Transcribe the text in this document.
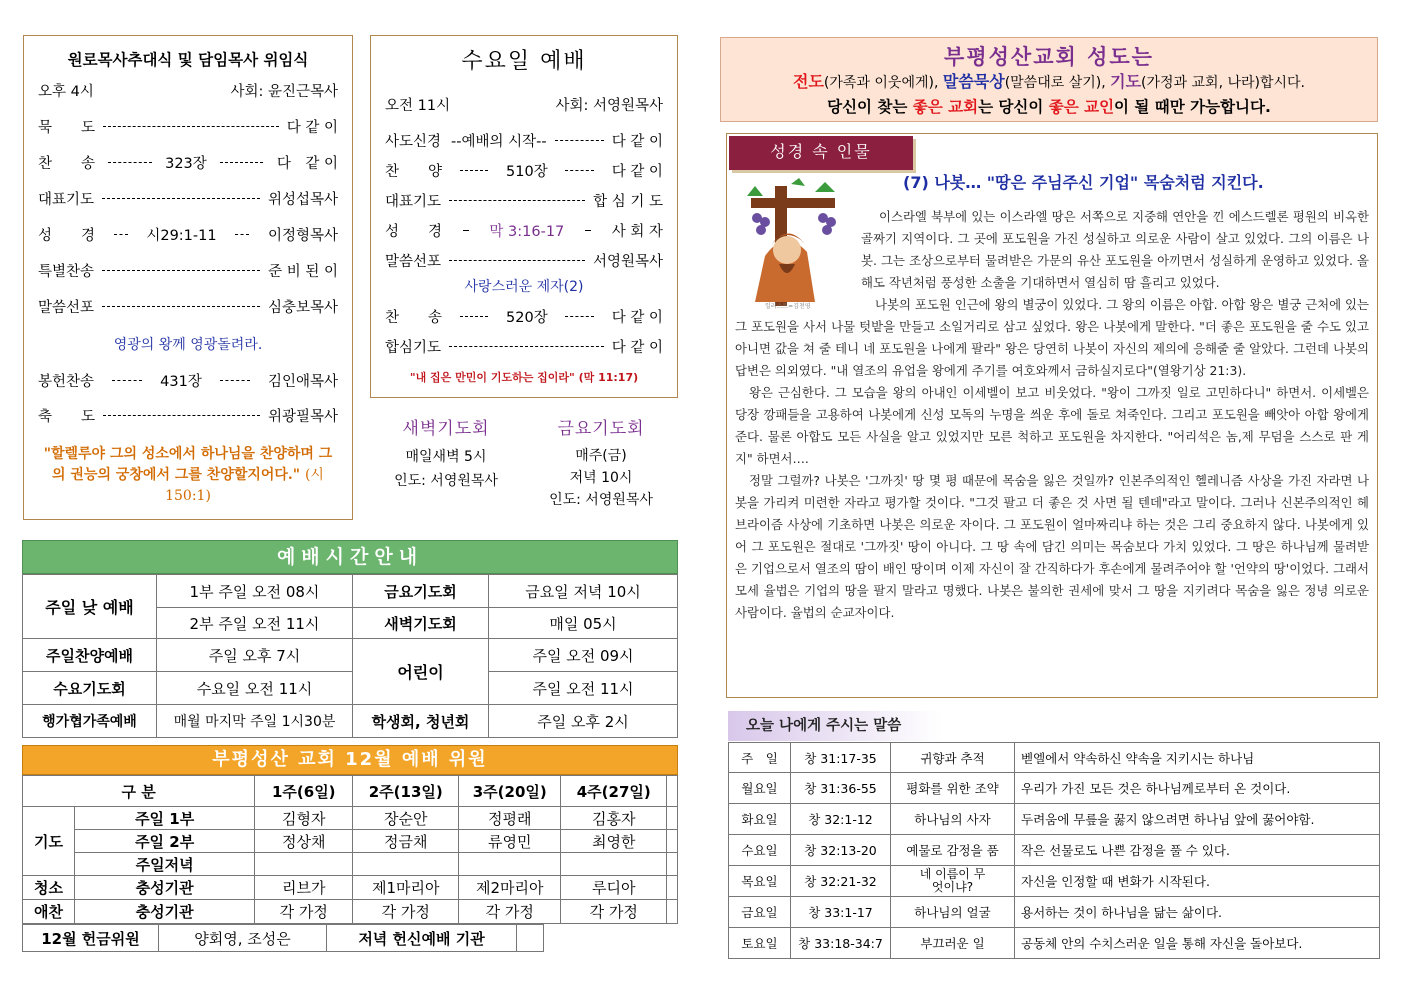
원로목사추대식 및 담임목사 위임식
오후 4시	사회: 윤진근목사
묵　　도	다 같 이
찬　　송	323장	다　같 이
대표기도	위성섭목사
성　　경	시29:1-11	이정형목사
특별찬송	준 비 된 이
말씀선포	심충보목사
영광의 왕께 영광돌려라.
봉헌찬송	431장	김인애목사
축　　도	위광필목사
"할렐루야 그의 성소에서 하나님을 찬양하며 그의 권능의 궁창에서 그를 찬양할지어다." (시 150:1)
수요일 예배
오전 11시	사회: 서영원목사
사도신경 --예배의 시작--	다 같 이
찬　　양	510장	다 같 이
대표기도	합 심 기 도
성　　경	막 3:16-17	사 회 자
말씀선포	서영원목사
사랑스러운 제자(2)
찬　　송	520장	다 같 이
합심기도	다 같 이
"내 집은 만민이 기도하는 집이라" (막 11:17)
새벽기도회
매일새벽 5시
인도: 서영원목사
금요기도회
매주(금)
저녁 10시
인도: 서영원목사
예배시간안내
주일 낮 예배	1부 주일 오전 08시	금요기도회	금요일 저녁 10시
	2부 주일 오전 11시	새벽기도회	매일 05시
주일찬양예배	주일 오후 7시	어린이	주일 오전 09시
수요기도회	수요일 오전 11시		주일 오전 11시
행가협가족예배	매월 마지막 주일 1시30분	학생회, 청년회	주일 오후 2시
부평성산 교회 12월 예배 위원
구 분		1주(6일)	2주(13일)	3주(20일)	4주(27일)	
기도	주일 1부	김형자	장순안	정평래	김홍자	
	주일 2부	정상채	정금채	류영민	최영한	
	주일저녁					
청소	충성기관	리브가	제1마리아	제2마리아	루디아	
애찬	충성기관	각 가정	각 가정	각 가정	각 가정	
12월 헌금위원	양회영, 조성은	저녁 헌신예배 기관	
부평성산교회 성도는
전도(가족과 이웃에게), 말씀묵상(말씀대로 살기), 기도(가정과 교회, 나라)합시다.
당신이 찾는 좋은 교회는 당신이 좋은 교인이 될 때만 가능합니다.
성경 속 인물
(7) 나봇… "땅은 주님주신 기업" 목숨처럼 지킨다.
일러스트=김천영

이스라엘 북부에 있는 이스라엘 땅은 서쪽으로 지중해 연안을 낀 에스드렐론 평원의 비옥한 골짜기 지역이다. 그 곳에 포도원을 가진 성실하고 의로운 사람이 살고 있었다. 그의 이름은 나봇. 그는 조상으로부터 물려받은 가문의 유산 포도원을 아끼면서 성실하게 운영하고 있었다. 올해도 작년처럼 풍성한 소출을 기대하면서 열심히 땀 흘리고 있었다.

나봇의 포도원 인근에 왕의 별궁이 있었다. 그 왕의 이름은 아합. 아합 왕은 별궁 근처에 있는 그 포도원을 사서 나물 텃밭을 만들고 소일거리로 삼고 싶었다. 왕은 나봇에게 말한다. "더 좋은 포도원을 줄 수도 있고 아니면 값을 쳐 줄 테니 네 포도원을 나에게 팔라" 왕은 당연히 나봇이 자신의 제의에 응해줄 줄 알았다. 그런데 나봇의 답변은 의외였다. "내 열조의 유업을 왕에게 주기를 여호와께서 금하실지로다"(열왕기상 21:3).

왕은 근심한다. 그 모습을 왕의 아내인 이세벨이 보고 비웃었다. "왕이 그까짓 일로 고민하다니" 하면서. 이세벨은 당장 깡패들을 고용하여 나봇에게 신성 모독의 누명을 씌운 후에 돌로 쳐죽인다. 그리고 포도원을 빼앗아 아합 왕에게 준다. 물론 아합도 모든 사실을 알고 있었지만 모른 척하고 포도원을 차지한다. "어리석은 놈,제 무덤을 스스로 판 게지" 하면서….

정말 그럴까? 나봇은 '그까짓' 땅 몇 평 때문에 목숨을 잃은 것일까? 인본주의적인 헬레니즘 사상을 가진 자라면 나봇을 가리켜 미련한 자라고 평가할 것이다. "그것 팔고 더 좋은 것 사면 될 텐데"라고 말이다. 그러나 신본주의적인 헤브라이즘 사상에 기초하면 나봇은 의로운 자이다. 그 포도원이 얼마짜리냐 하는 것은 그리 중요하지 않다. 나봇에게 있어 그 포도원은 절대로 '그까짓' 땅이 아니다. 그 땅 속에 담긴 의미는 목숨보다 가치 있었다. 그 땅은 하나님께 물려받은 기업으로서 열조의 땀이 배인 땅이며 이제 자신이 잘 간직하다가 후손에게 물려주어야 할 '언약의 땅'이었다. 그래서 모세 율법은 기업의 땅을 팔지 말라고 명했다. 나봇은 불의한 권세에 맞서 그 땅을 지키려다 목숨을 잃은 정녕 의로운 사람이다. 율법의 순교자이다.

오늘 나에게 주시는 말씀
주　일	창 31:17-35	귀향과 추적	벧엘에서 약속하신 약속을 지키시는 하나님
월요일	창 31:36-55	평화를 위한 조약	우리가 가진 모든 것은 하나님께로부터 온 것이다.
화요일	창 32:1-12	하나님의 사자	두려움에 무릎을 꿇지 않으려면 하나님 앞에 꿇어야함.
수요일	창 32:13-20	예물로 감정을 품	작은 선물로도 나쁜 감정을 풀 수 있다.
목요일	창 32:21-32	네 이름이 무엇이냐?	자신을 인정할 때 변화가 시작된다.
금요일	창 33:1-17	하나님의 얼굴	용서하는 것이 하나님을 닮는 삶이다.
토요일	창 33:18-34:7	부끄러운 일	공동체 안의 수치스러운 일을 통해 자신을 돌아보다.
